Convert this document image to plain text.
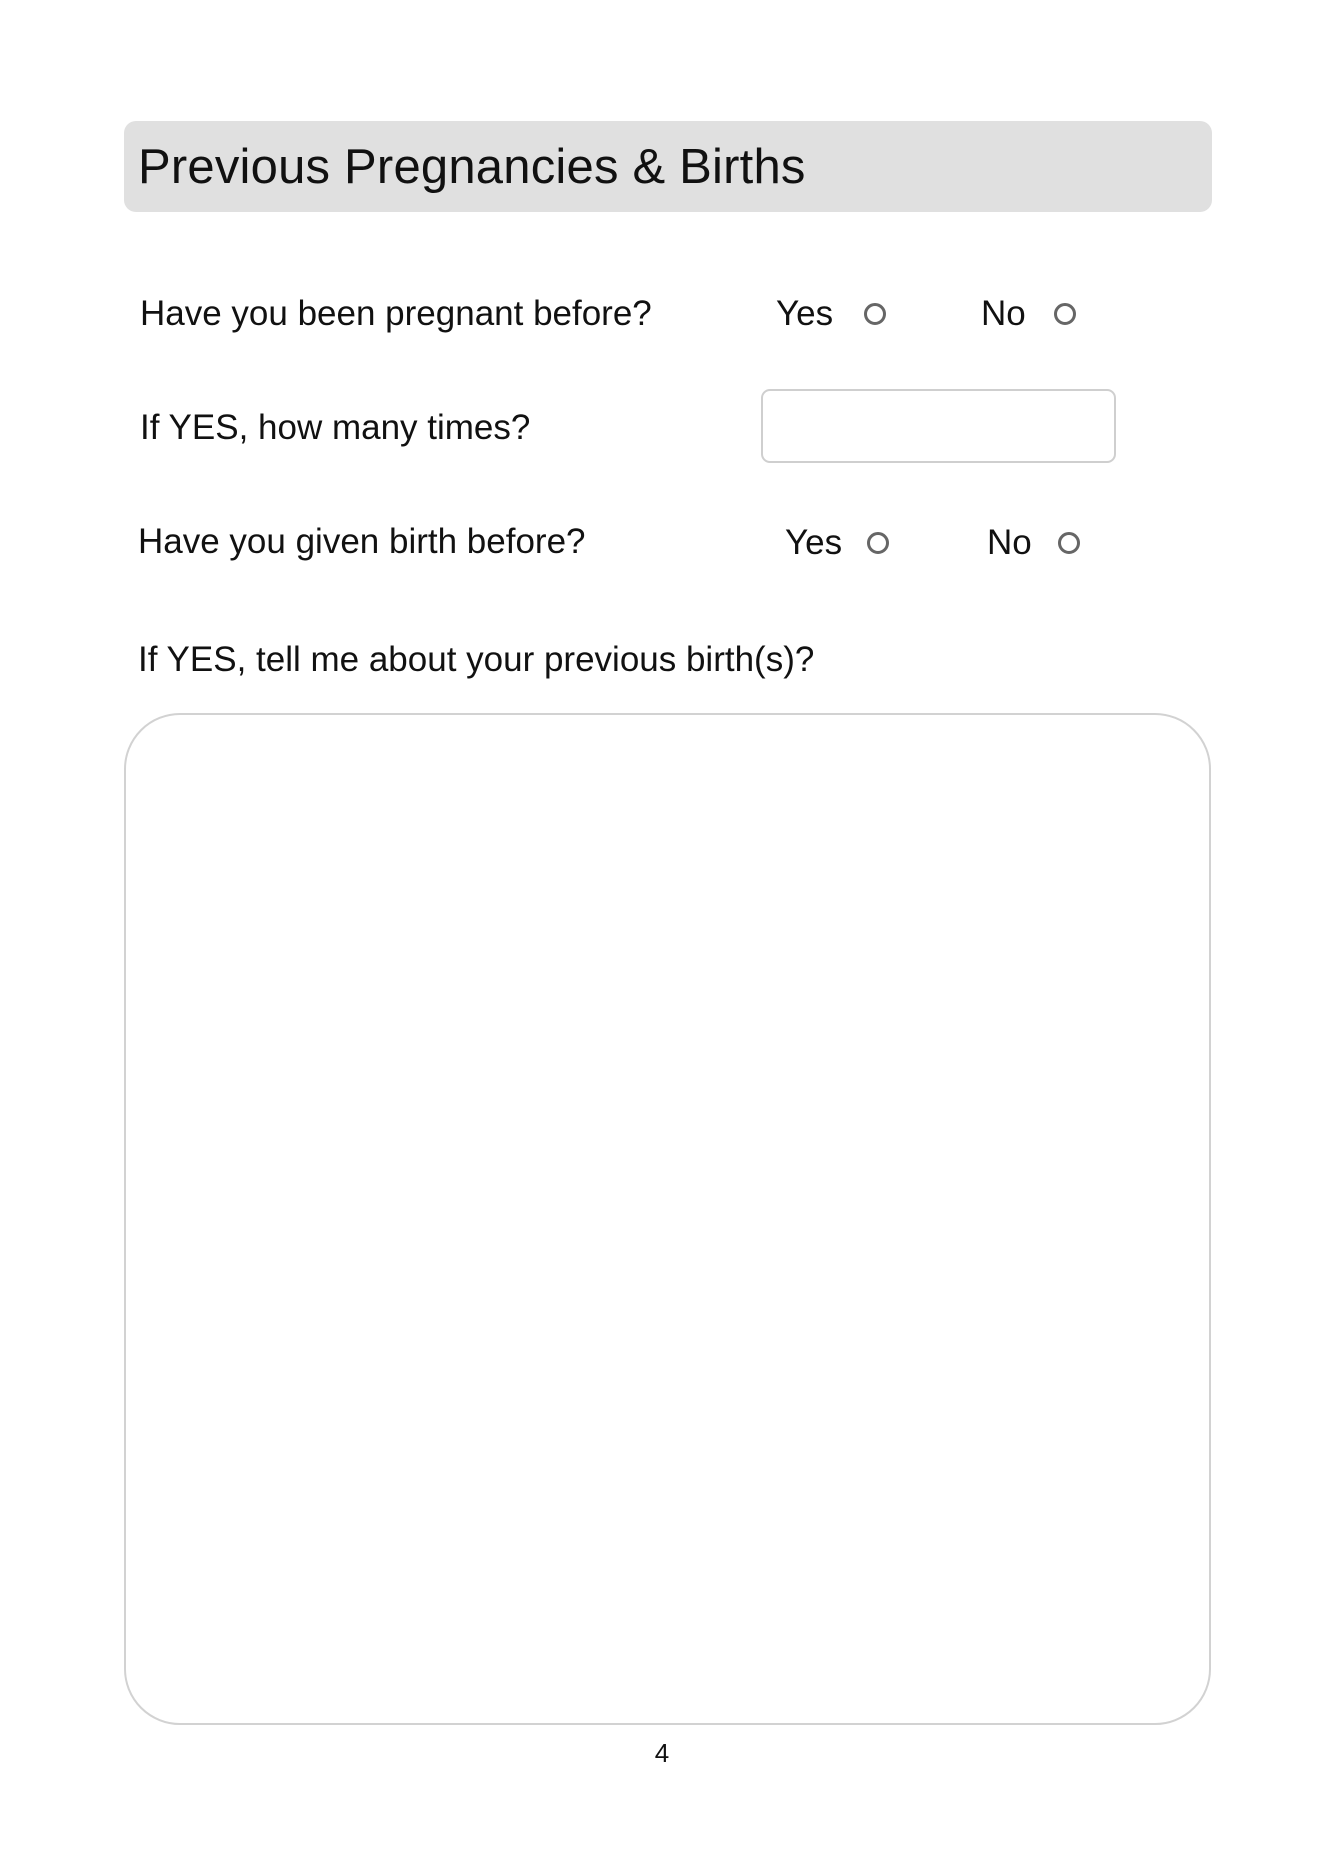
Previous Pregnancies & Births
Have you been pregnant before?	Yes	No
If YES, how many times?
Have you given birth before?	Yes	No
If YES, tell me about your previous birth(s)?
4
